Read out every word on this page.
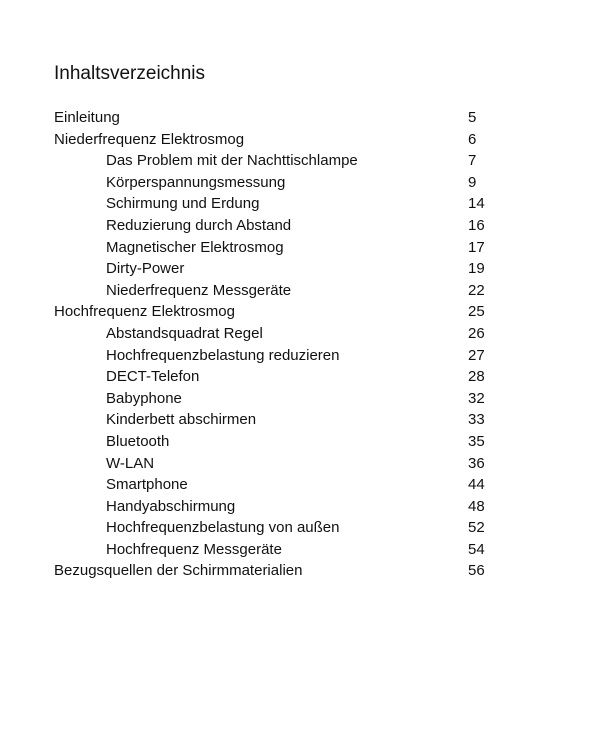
Inhaltsverzeichnis
Einleitung	5
Niederfrequenz Elektrosmog	6
Das Problem mit der Nachttischlampe	7
Körperspannungsmessung	9
Schirmung und Erdung	14
Reduzierung durch Abstand	16
Magnetischer Elektrosmog	17
Dirty-Power	19
Niederfrequenz Messgeräte	22
Hochfrequenz Elektrosmog	25
Abstandsquadrat Regel	26
Hochfrequenzbelastung reduzieren	27
DECT-Telefon	28
Babyphone	32
Kinderbett abschirmen	33
Bluetooth	35
W-LAN	36
Smartphone	44
Handyabschirmung	48
Hochfrequenzbelastung von außen	52
Hochfrequenz Messgeräte	54
Bezugsquellen der Schirmmaterialien	56
